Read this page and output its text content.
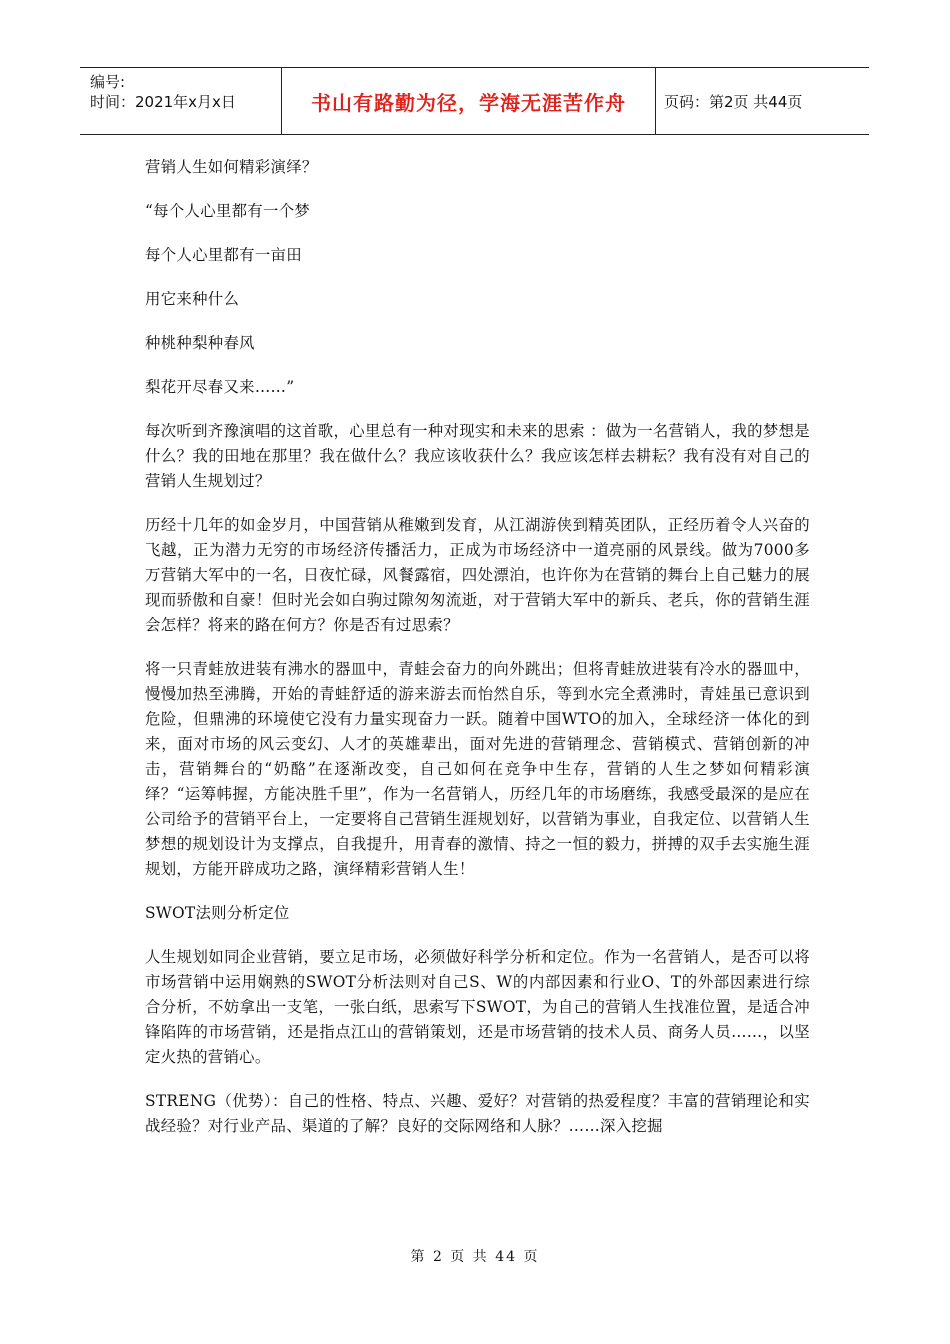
编号:
时间：2021年x月x日	书山有路勤为径，学海无涯苦作舟	页码：第2页 共44页

营销人生如何精彩演绎？

“每个人心里都有一个梦

每个人心里都有一亩田

用它来种什么

种桃种梨种春风

梨花开尽春又来……”

每次听到齐豫演唱的这首歌，心里总有一种对现实和未来的思索 ：做为一名营销人，我的梦想是什么？我的田地在那里？我在做什么？我应该收获什么？我应该怎样去耕耘？我有没有对自己的营销人生规划过？

历经十几年的如金岁月，中国营销从稚嫩到发育，从江湖游侠到精英团队，正经历着令人兴奋的飞越，正为潜力无穷的市场经济传播活力，正成为市场经济中一道亮丽的风景线。做为7000多万营销大军中的一名，日夜忙碌，风餐露宿，四处漂泊，也许你为在营销的舞台上自己魅力的展现而骄傲和自豪！但时光会如白驹过隙匆匆流逝，对于营销大军中的新兵、老兵，你的营销生涯会怎样？将来的路在何方？你是否有过思索？

将一只青蛙放进装有沸水的器皿中，青蛙会奋力的向外跳出；但将青蛙放进装有冷水的器皿中，慢慢加热至沸腾，开始的青蛙舒适的游来游去而怡然自乐，等到水完全煮沸时，青娃虽已意识到危险，但鼎沸的环境使它没有力量实现奋力一跃。随着中国WTO的加入，全球经济一体化的到来，面对市场的风云变幻、人才的英雄辈出，面对先进的营销理念、营销模式、营销创新的冲击，营销舞台的“奶酪”在逐渐改变，自己如何在竞争中生存，营销的人生之梦如何精彩演绎？“运筹帏握，方能决胜千里”，作为一名营销人，历经几年的市场磨练，我感受最深的是应在公司给予的营销平台上，一定要将自己营销生涯规划好，以营销为事业，自我定位、以营销人生梦想的规划设计为支撑点，自我提升，用青春的激情、持之一恒的毅力，拼搏的双手去实施生涯规划，方能开辟成功之路，演绎精彩营销人生！

SWOT法则分析定位

人生规划如同企业营销，要立足市场，必须做好科学分析和定位。作为一名营销人，是否可以将市场营销中运用娴熟的SWOT分析法则对自己S、W的内部因素和行业O、T的外部因素进行综合分析，不妨拿出一支笔，一张白纸，思索写下SWOT，为自己的营销人生找准位置，是适合冲锋陷阵的市场营销，还是指点江山的营销策划，还是市场营销的技术人员、商务人员……，以坚定火热的营销心。

STRENG（优势）：自己的性格、特点、兴趣、爱好？对营销的热爱程度？丰富的营销理论和实战经验？对行业产品、渠道的了解？良好的交际网络和人脉？……深入挖掘

第 2 页 共 44 页
